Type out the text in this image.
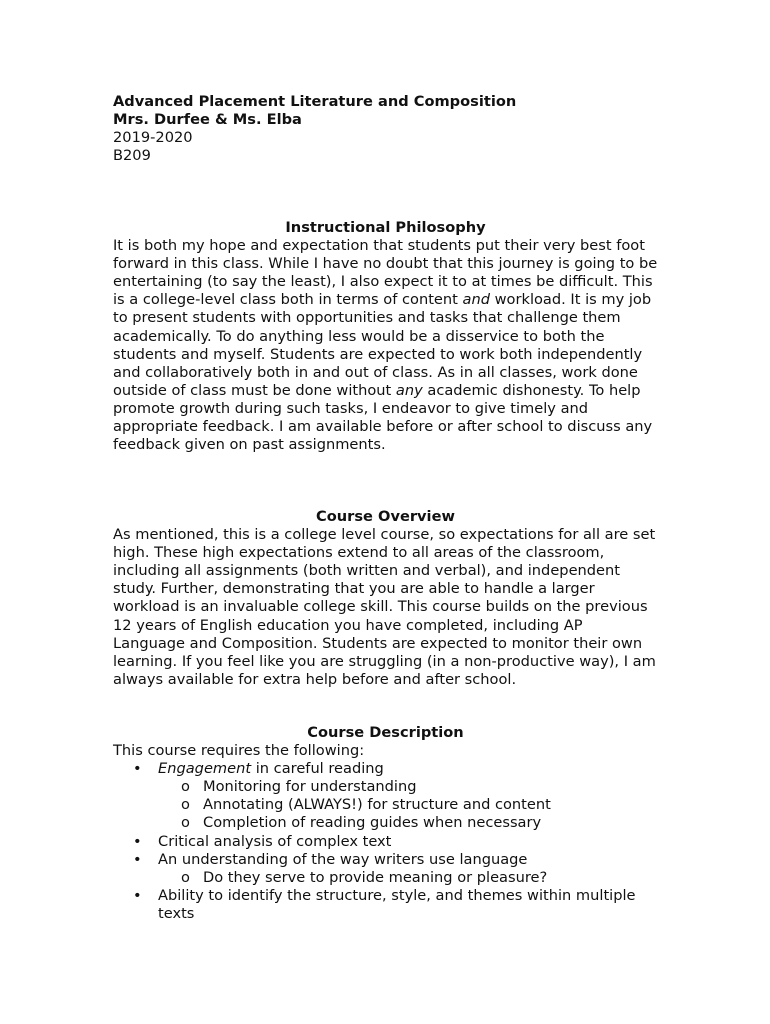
Advanced Placement Literature and Composition
Mrs. Durfee & Ms. Elba
2019-2020
B209
Instructional Philosophy
It is both my hope and expectation that students put their very best foot forward in this class. While I have no doubt that this journey is going to be entertaining (to say the least), I also expect it to at times be difficult. This is a college-level class both in terms of content and workload. It is my job to present students with opportunities and tasks that challenge them academically. To do anything less would be a disservice to both the students and myself. Students are expected to work both independently and collaboratively both in and out of class. As in all classes, work done outside of class must be done without any academic dishonesty. To help promote growth during such tasks, I endeavor to give timely and appropriate feedback. I am available before or after school to discuss any feedback given on past assignments.
Course Overview
As mentioned, this is a college level course, so expectations for all are set high. These high expectations extend to all areas of the classroom, including all assignments (both written and verbal), and independent study. Further, demonstrating that you are able to handle a larger workload is an invaluable college skill. This course builds on the previous 12 years of English education you have completed, including AP Language and Composition. Students are expected to monitor their own learning. If you feel like you are struggling (in a non-productive way), I am always available for extra help before and after school.
Course Description
This course requires the following:
• Engagement in careful reading
o Monitoring for understanding
o Annotating (ALWAYS!) for structure and content
o Completion of reading guides when necessary
• Critical analysis of complex text
• An understanding of the way writers use language
o Do they serve to provide meaning or pleasure?
• Ability to identify the structure, style, and themes within multiple texts
